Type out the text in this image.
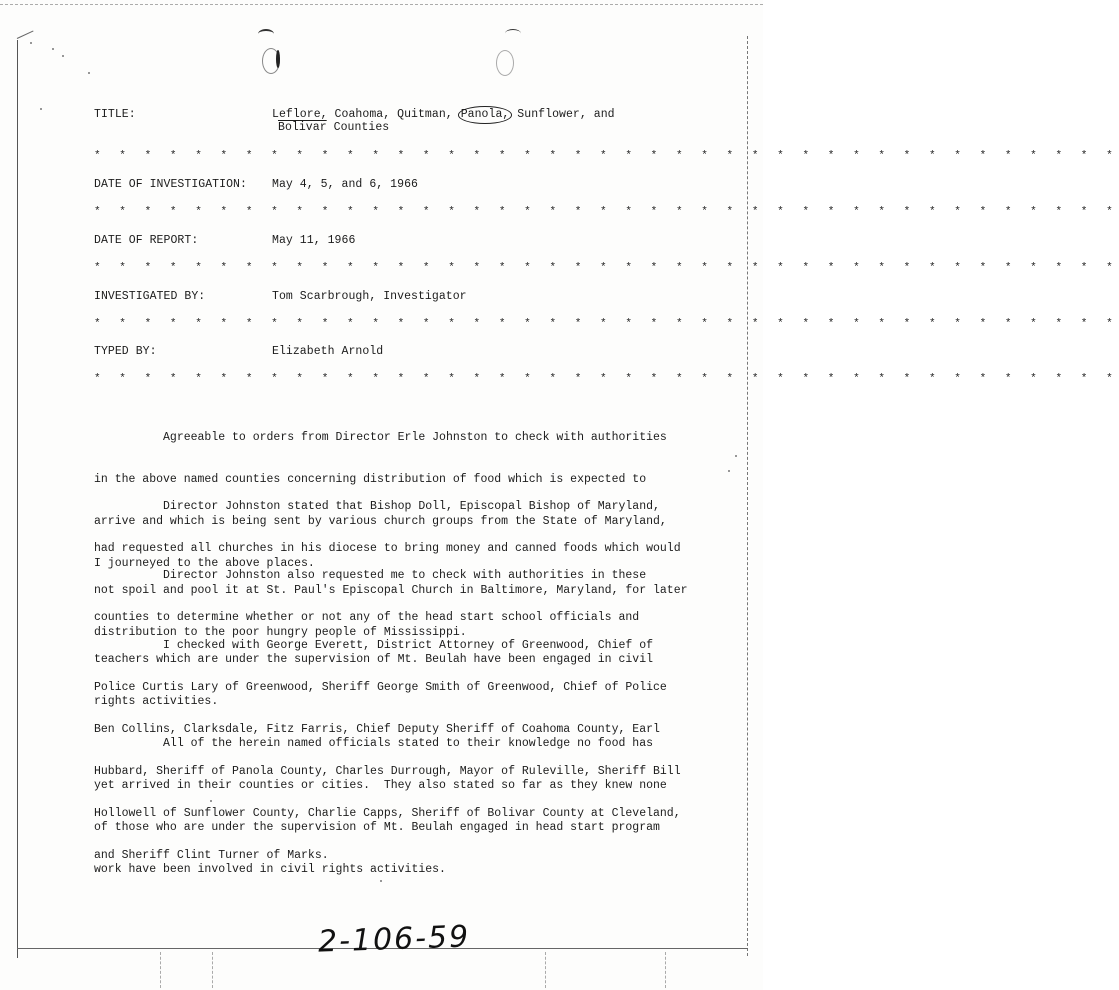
TITLE:	Leflore, Coahoma, Quitman, Panola, Sunflower, and
Bolivar Counties
* * * * * * * * * * * * * * * * * * * * * * * * * * * * * * * * * * * * * * * * *
DATE OF INVESTIGATION: May 4, 5, and 6, 1966
* * * * * * * * * * * * * * * * * * * * * * * * * * * * * * * * * * * * * * * * *
DATE OF REPORT:	May 11, 1966
* * * * * * * * * * * * * * * * * * * * * * * * * * * * * * * * * * * * * * * * *
INVESTIGATED BY:	Tom Scarbrough, Investigator
* * * * * * * * * * * * * * * * * * * * * * * * * * * * * * * * * * * * * * * * *
TYPED BY:	Elizabeth Arnold
* * * * * * * * * * * * * * * * * * * * * * * * * * * * * * * * * * * * * * * * *

Agreeable to orders from Director Erle Johnston to check with authorities

in the above named counties concerning distribution of food which is expected to

arrive and which is being sent by various church groups from the State of Maryland,

I journeyed to the above places.

Director Johnston stated that Bishop Doll, Episcopal Bishop of Maryland,

had requested all churches in his diocese to bring money and canned foods which would

not spoil and pool it at St. Paul's Episcopal Church in Baltimore, Maryland, for later

distribution to the poor hungry people of Mississippi.

Director Johnston also requested me to check with authorities in these

counties to determine whether or not any of the head start school officials and

teachers which are under the supervision of Mt. Beulah have been engaged in civil

rights activities.

I checked with George Everett, District Attorney of Greenwood, Chief of

Police Curtis Lary of Greenwood, Sheriff George Smith of Greenwood, Chief of Police

Ben Collins, Clarksdale, Fitz Farris, Chief Deputy Sheriff of Coahoma County, Earl

Hubbard, Sheriff of Panola County, Charles Durrough, Mayor of Ruleville, Sheriff Bill

Hollowell of Sunflower County, Charlie Capps, Sheriff of Bolivar County at Cleveland,

and Sheriff Clint Turner of Marks.

All of the herein named officials stated to their knowledge no food has

yet arrived in their counties or cities.  They also stated so far as they knew none

of those who are under the supervision of Mt. Beulah engaged in head start program

work have been involved in civil rights activities.

2-106-59
